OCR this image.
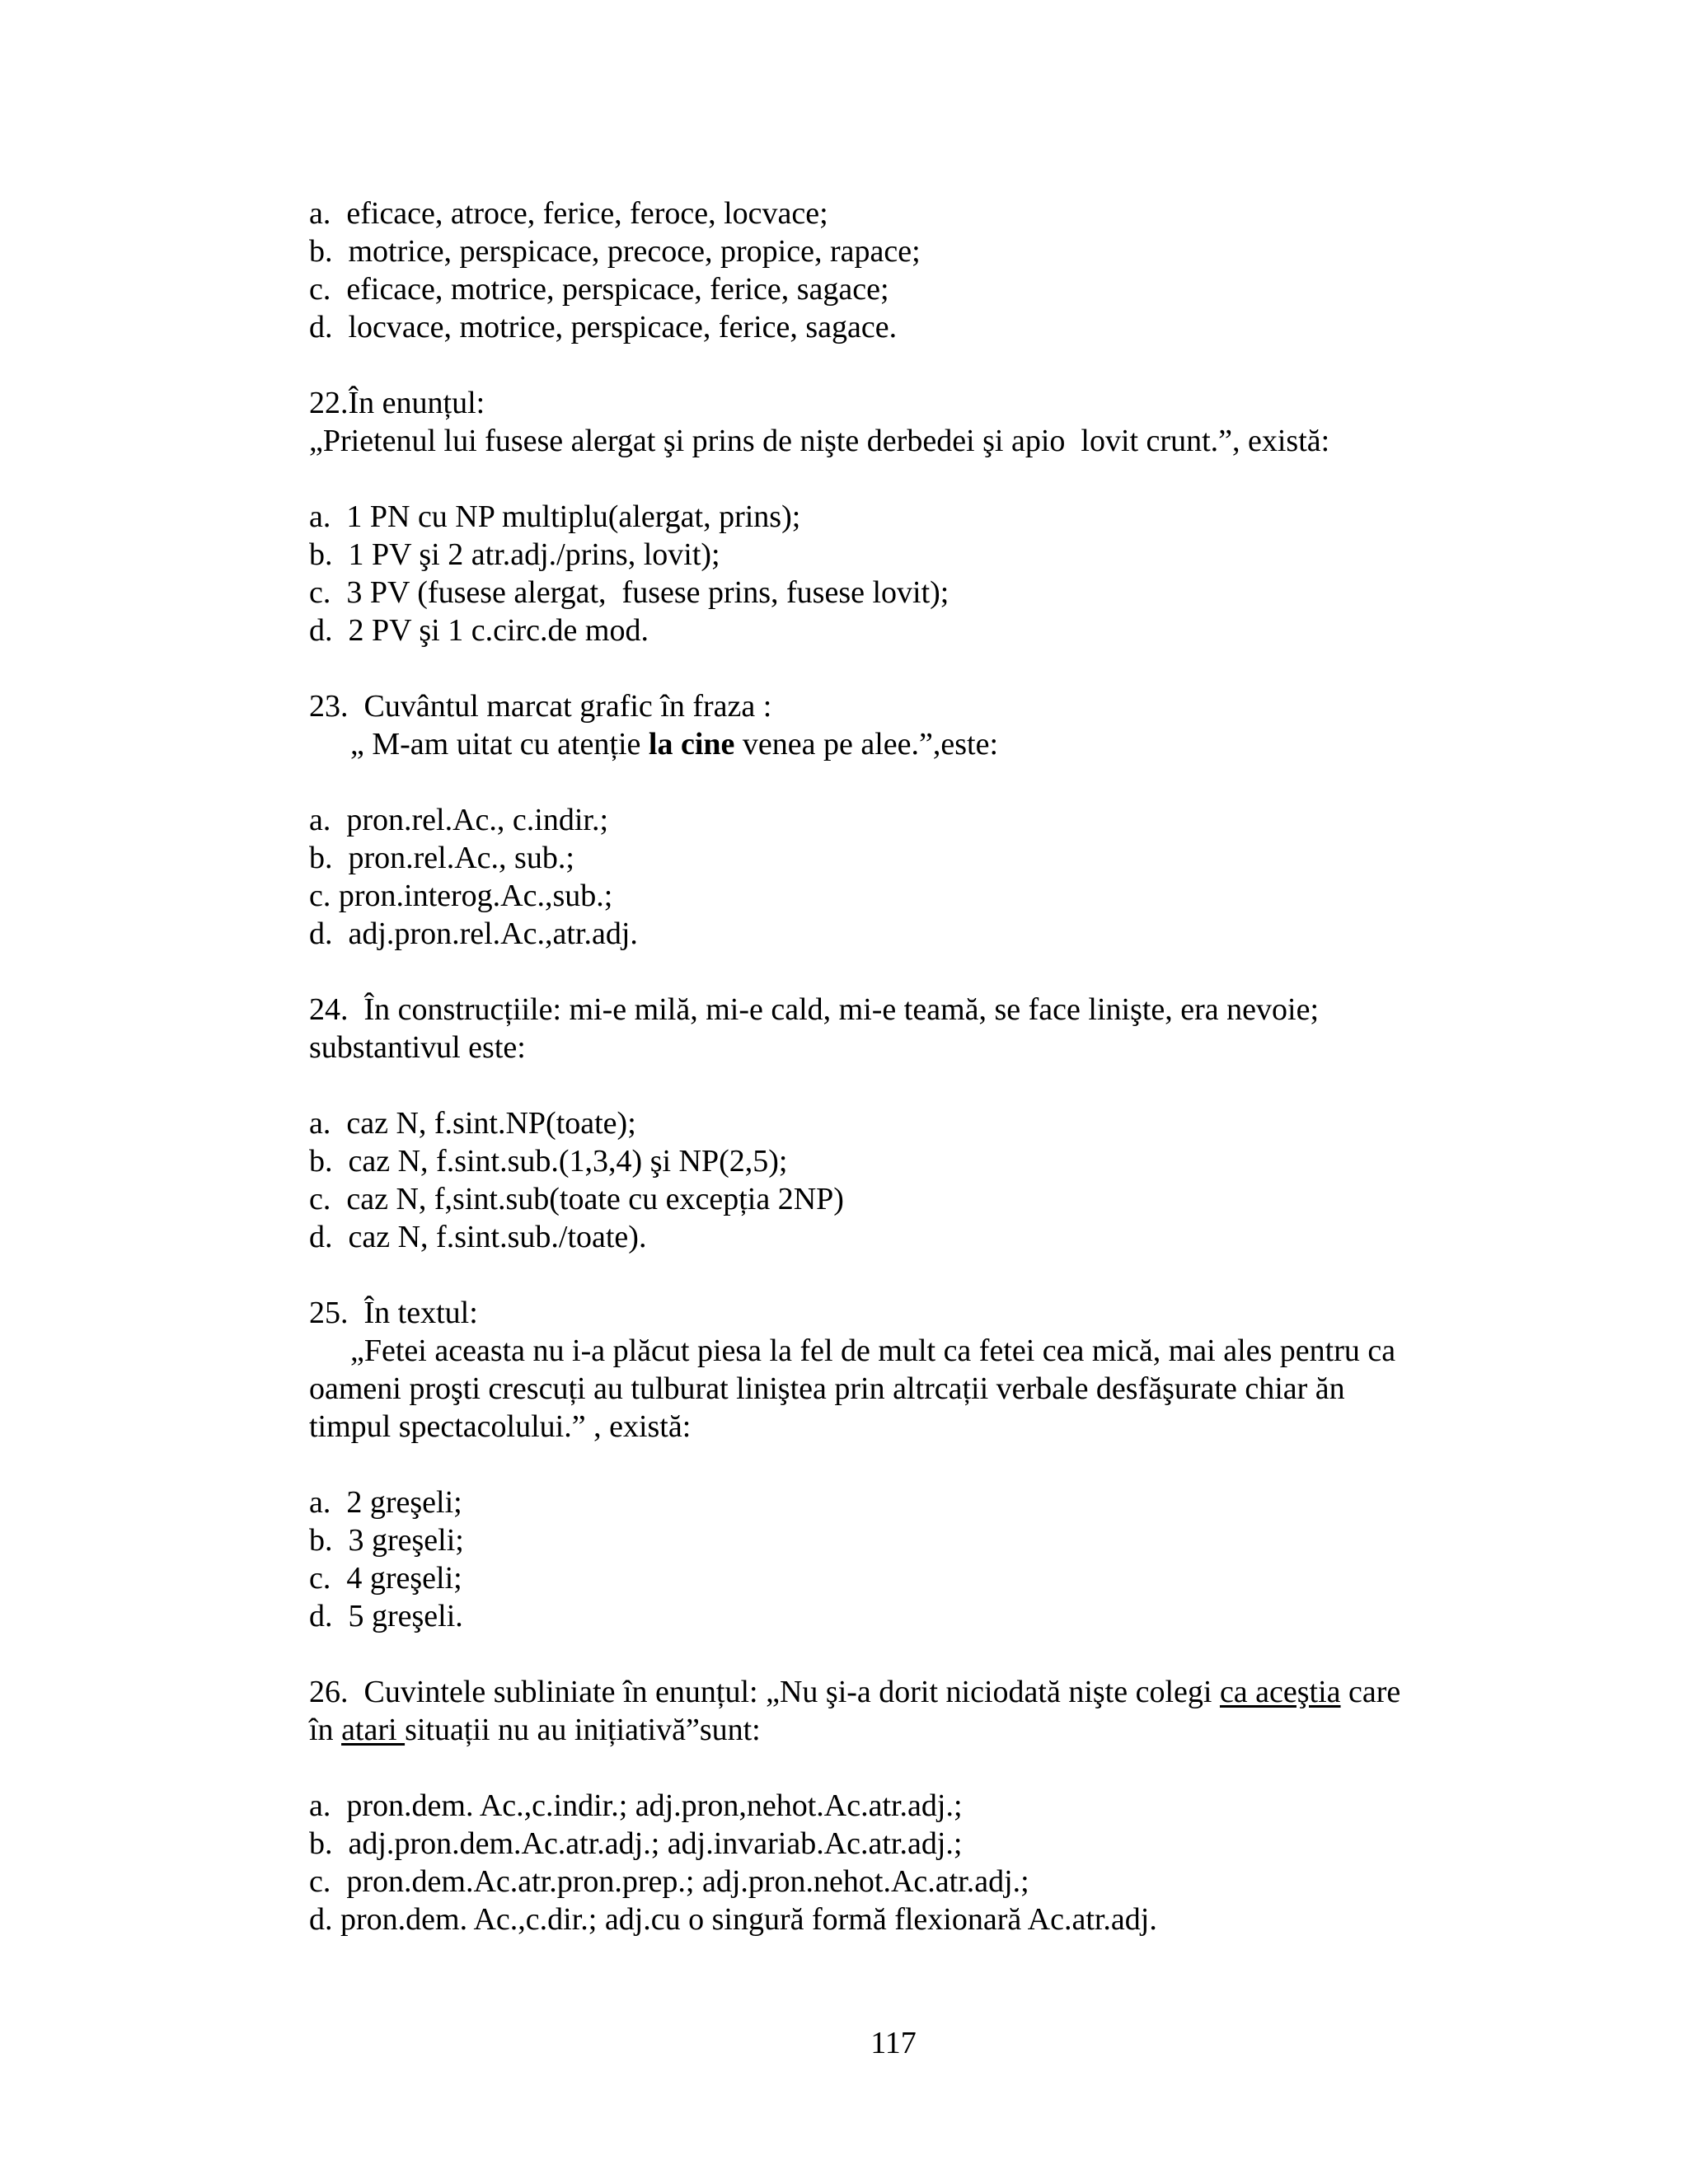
a.  eficace, atroce, ferice, feroce, locvace;
b.  motrice, perspicace, precoce, propice, rapace;
c.  eficace, motrice, perspicace, ferice, sagace;
d.  locvace, motrice, perspicace, ferice, sagace.
22.În enunțul:
„Prietenul lui fusese alergat şi prins de nişte derbedei şi apio  lovit crunt.”, există:
a.  1 PN cu NP multiplu(alergat, prins);
b.  1 PV şi 2 atr.adj./prins, lovit);
c.  3 PV (fusese alergat,  fusese prins, fusese lovit);
d.  2 PV şi 1 c.circ.de mod.
23.  Cuvântul marcat grafic în fraza :
„ M-am uitat cu atenție la cine venea pe alee.”,este:
a.  pron.rel.Ac., c.indir.;
b.  pron.rel.Ac., sub.;
c. pron.interog.Ac.,sub.;
d.  adj.pron.rel.Ac.,atr.adj.
24.  În construcțiile: mi-e milă, mi-e cald, mi-e teamă, se face linişte, era nevoie;
substantivul este:
a.  caz N, f.sint.NP(toate);
b.  caz N, f.sint.sub.(1,3,4) şi NP(2,5);
c.  caz N, f,sint.sub(toate cu excepția 2NP)
d.  caz N, f.sint.sub./toate).
25.  În textul:
„Fetei aceasta nu i-a plăcut piesa la fel de mult ca fetei cea mică, mai ales pentru ca
oameni proşti crescuți au tulburat liniştea prin altrcații verbale desfăşurate chiar ăn
timpul spectacolului.” , există:
a.  2 greşeli;
b.  3 greşeli;
c.  4 greşeli;
d.  5 greşeli.
26.  Cuvintele subliniate în enunțul: „Nu şi-a dorit niciodată nişte colegi ca aceştia care
în atari situații nu au inițiativă”sunt:
a.  pron.dem. Ac.,c.indir.; adj.pron,nehot.Ac.atr.adj.;
b.  adj.pron.dem.Ac.atr.adj.; adj.invariab.Ac.atr.adj.;
c.  pron.dem.Ac.atr.pron.prep.; adj.pron.nehot.Ac.atr.adj.;
d. pron.dem. Ac.,c.dir.; adj.cu o singură formă flexionară Ac.atr.adj.
117
